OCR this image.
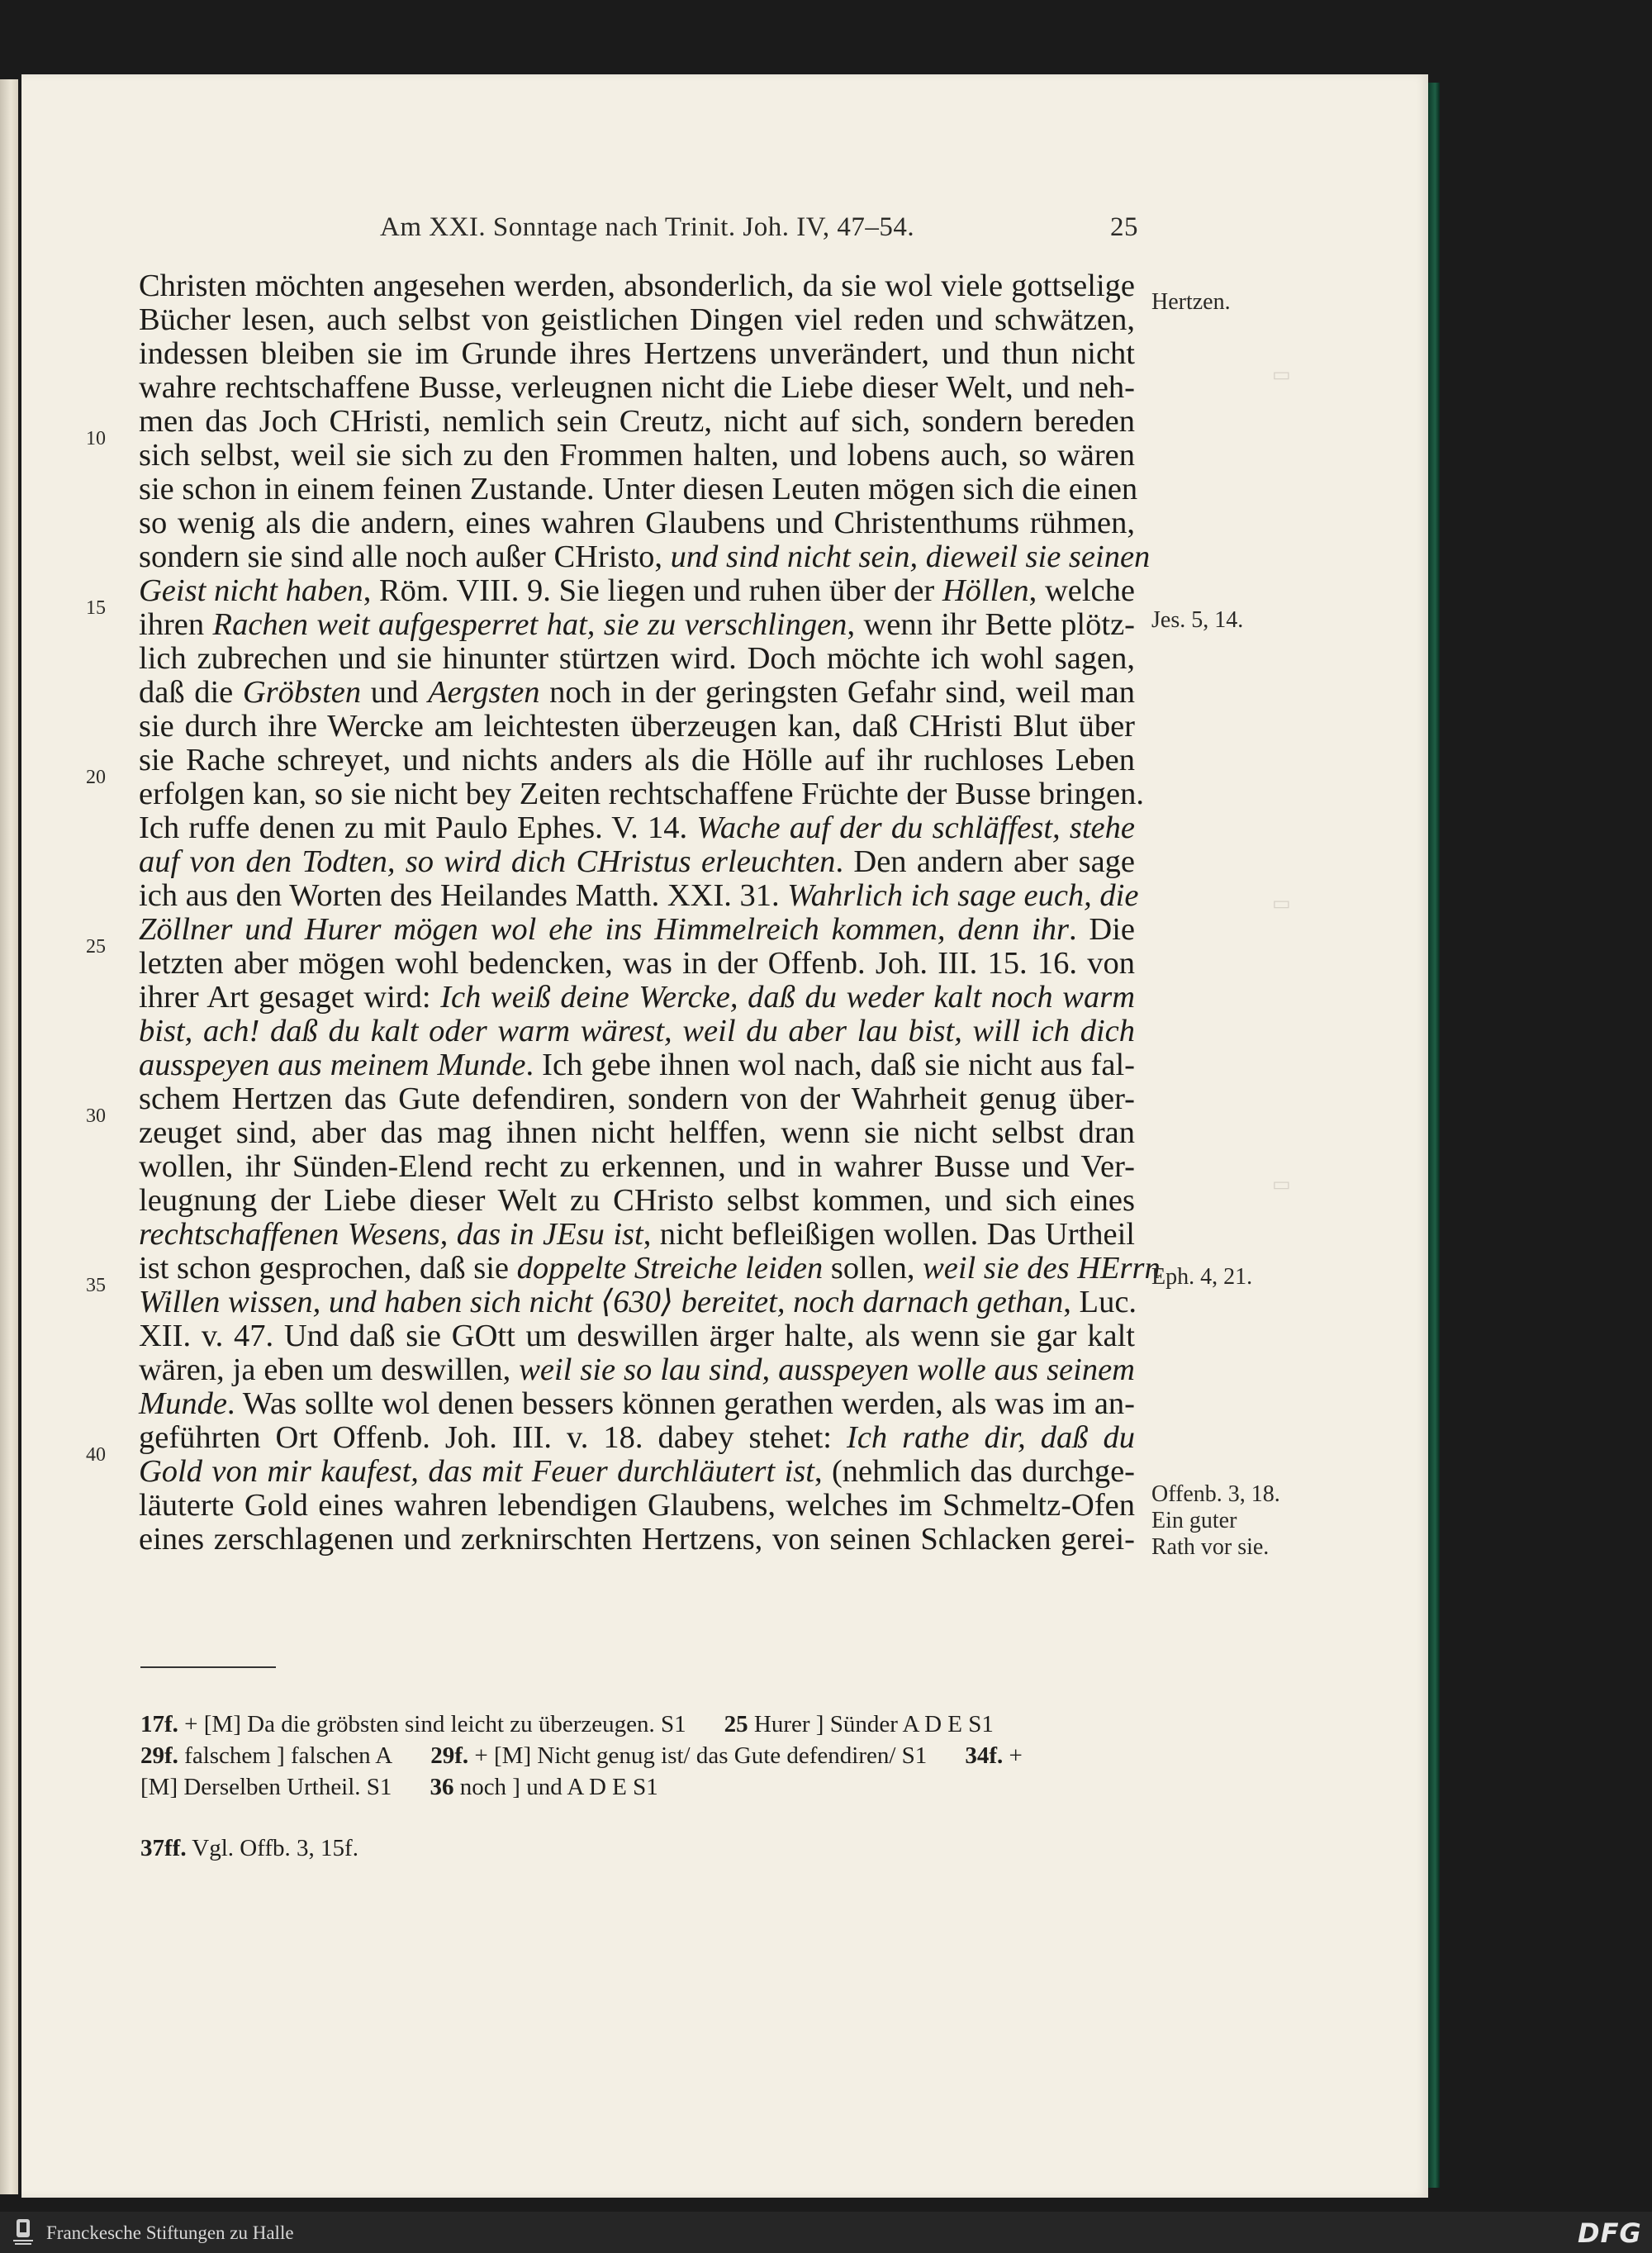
▭
▭
▭
Am XXI. Sonntage nach Trinit. Joh. IV, 47–54.	25
Christen möchten angesehen werden, absonderlich, da sie wol viele gottselige
Bücher lesen, auch selbst von geistlichen Dingen viel reden und schwätzen,
indessen bleiben sie im Grunde ihres Hertzens unverändert, und thun nicht
wahre rechtschaffene Busse, verleugnen nicht die Liebe dieser Welt, und neh-
men das Joch CHristi, nemlich sein Creutz, nicht auf sich, sondern bereden
sich selbst, weil sie sich zu den Frommen halten, und lobens auch, so wären
sie schon in einem feinen Zustande. Unter diesen Leuten mögen sich die einen
so wenig als die andern, eines wahren Glaubens und Christenthums rühmen,
sondern sie sind alle noch außer CHristo, und sind nicht sein, dieweil sie seinen
Geist nicht haben, Röm. VIII. 9. Sie liegen und ruhen über der Höllen, welche
ihren Rachen weit aufgesperret hat, sie zu verschlingen, wenn ihr Bette plötz-
lich zubrechen und sie hinunter stürtzen wird. Doch möchte ich wohl sagen,
daß die Gröbsten und Aergsten noch in der geringsten Gefahr sind, weil man
sie durch ihre Wercke am leichtesten überzeugen kan, daß CHristi Blut über
sie Rache schreyet, und nichts anders als die Hölle auf ihr ruchloses Leben
erfolgen kan, so sie nicht bey Zeiten rechtschaffene Früchte der Busse bringen.
Ich ruffe denen zu mit Paulo Ephes. V. 14. Wache auf der du schläffest, stehe
auf von den Todten, so wird dich CHristus erleuchten. Den andern aber sage
ich aus den Worten des Heilandes Matth. XXI. 31. Wahrlich ich sage euch, die
Zöllner und Hurer mögen wol ehe ins Himmelreich kommen, denn ihr. Die
letzten aber mögen wohl bedencken, was in der Offenb. Joh. III. 15. 16. von
ihrer Art gesaget wird: Ich weiß deine Wercke, daß du weder kalt noch warm
bist, ach! daß du kalt oder warm wärest, weil du aber lau bist, will ich dich
ausspeyen aus meinem Munde. Ich gebe ihnen wol nach, daß sie nicht aus fal-
schem Hertzen das Gute defendiren, sondern von der Wahrheit genug über-
zeuget sind, aber das mag ihnen nicht helffen, wenn sie nicht selbst dran
wollen, ihr Sünden-Elend recht zu erkennen, und in wahrer Busse und Ver-
leugnung der Liebe dieser Welt zu CHristo selbst kommen, und sich eines
rechtschaffenen Wesens, das in JEsu ist, nicht befleißigen wollen. Das Urtheil
ist schon gesprochen, daß sie doppelte Streiche leiden sollen, weil sie des HErrn
Willen wissen, und haben sich nicht ⟨630⟩ bereitet, noch darnach gethan, Luc.
XII. v. 47. Und daß sie GOtt um deswillen ärger halte, als wenn sie gar kalt
wären, ja eben um deswillen, weil sie so lau sind, ausspeyen wolle aus seinem
Munde. Was sollte wol denen bessers können gerathen werden, als was im an-
geführten Ort Offenb. Joh. III. v. 18. dabey stehet: Ich rathe dir, daß du
Gold von mir kaufest, das mit Feuer durchläutert ist, (nehmlich das durchge-
läuterte Gold eines wahren lebendigen Glaubens, welches im Schmeltz-Ofen
eines zerschlagenen und zerknirschten Hertzens, von seinen Schlacken gerei-
10
15
20
25
30
35
40
Hertzen.
Jes. 5, 14.
Eph. 4, 21.
Offenb. 3, 18.
Ein guter
Rath vor sie.
17f. + [M] Da die gröbsten sind leicht zu überzeugen. S1 25 Hurer ] Sünder A D E S1
29f. falschem ] falschen A 29f. + [M] Nicht genug ist/ das Gute defendiren/ S1 34f. +
[M] Derselben Urtheil. S1 36 noch ] und A D E S1
37ff. Vgl. Offb. 3, 15f.
Franckesche Stiftungen zu Halle	DFG
